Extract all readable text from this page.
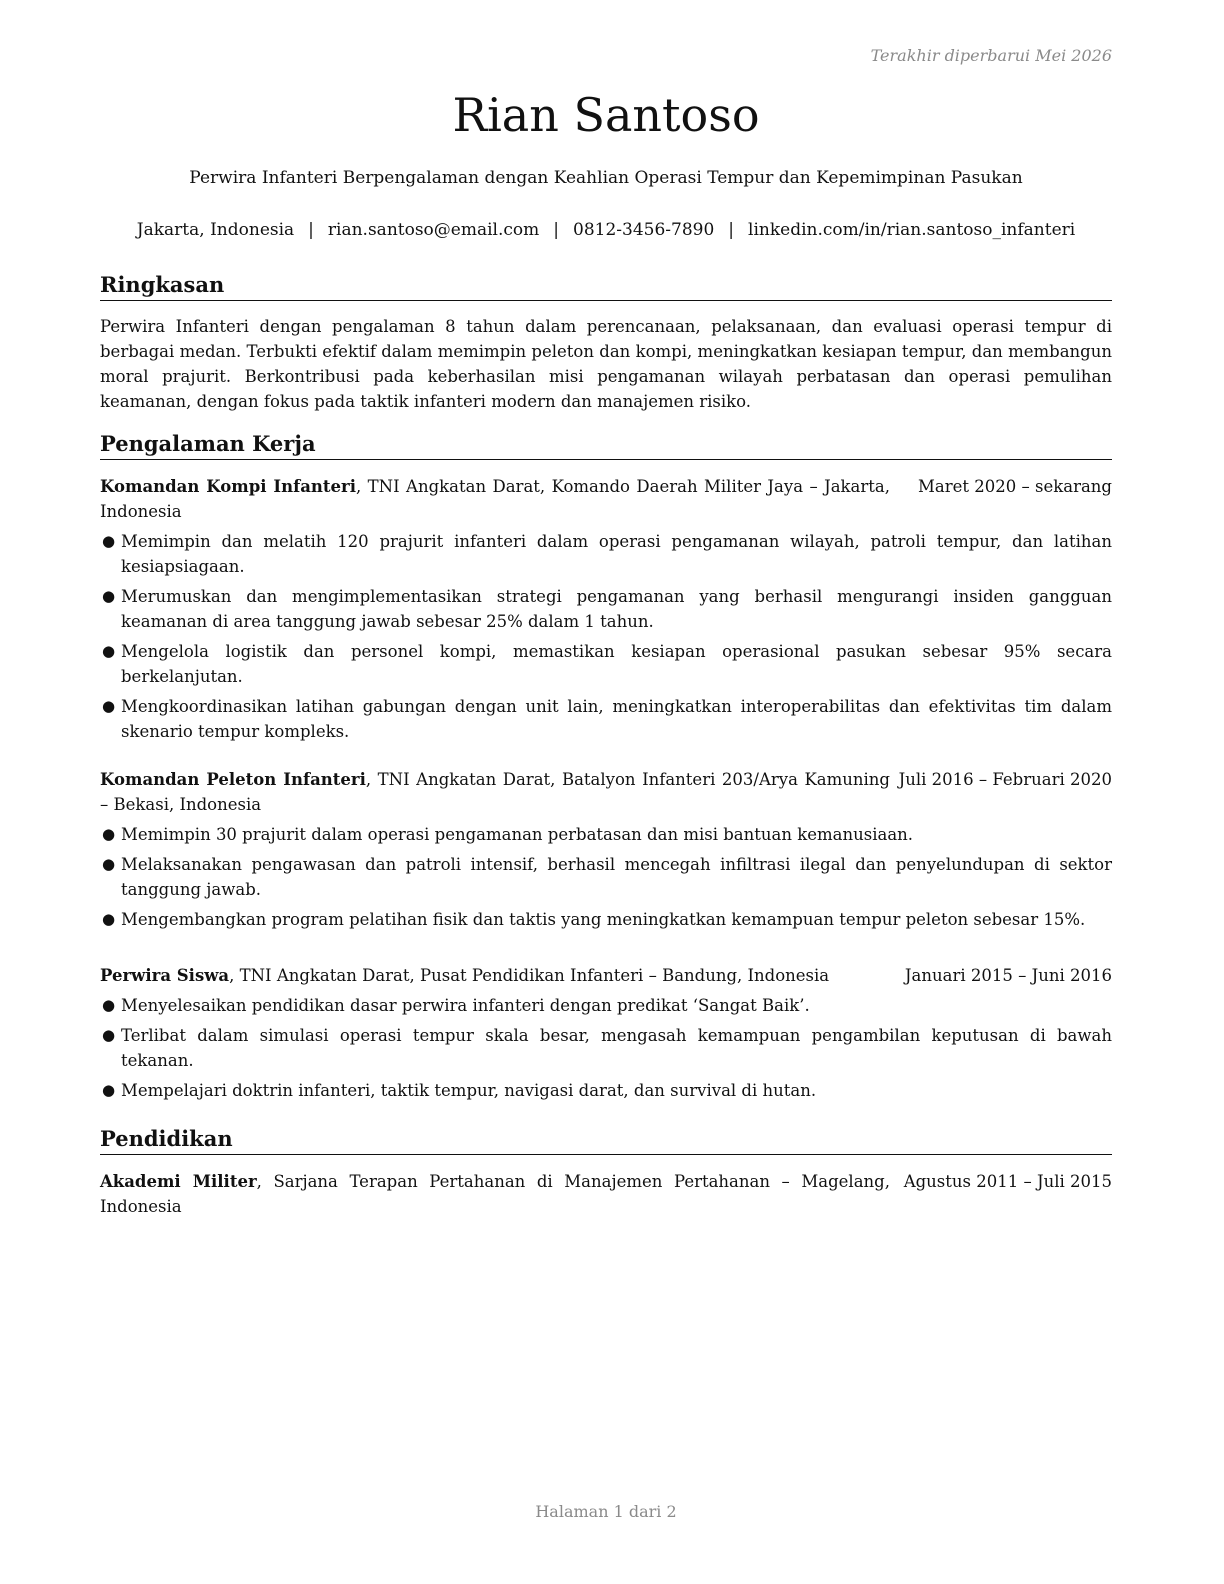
Terakhir diperbarui Mei 2026
Rian Santoso
Perwira Infanteri Berpengalaman dengan Keahlian Operasi Tempur dan Kepemimpinan Pasukan
Jakarta, Indonesia | rian.santoso@email.com | 0812-3456-7890 | linkedin.com/in/rian.santoso_infanteri
Ringkasan
Perwira Infanteri dengan pengalaman 8 tahun dalam perencanaan, pelaksanaan, dan evaluasi operasi tempur di berbagai medan. Terbukti efektif dalam memimpin peleton dan kompi, meningkatkan kesiapan tempur, dan membangun moral prajurit. Berkontribusi pada keberhasilan misi pengamanan wilayah perbatasan dan operasi pemulihan keamanan, dengan fokus pada taktik infanteri modern dan manajemen risiko.
Pengalaman Kerja
Komandan Kompi Infanteri, TNI Angkatan Darat, Komando Daerah Militer Jaya – Jakarta, Indonesia
Maret 2020 – sekarang
● Memimpin dan melatih 120 prajurit infanteri dalam operasi pengamanan wilayah, patroli tempur, dan latihan kesiapsiagaan.
● Merumuskan dan mengimplementasikan strategi pengamanan yang berhasil mengurangi insiden gangguan keamanan di area tanggung jawab sebesar 25% dalam 1 tahun.
● Mengelola logistik dan personel kompi, memastikan kesiapan operasional pasukan sebesar 95% secara berkelanjutan.
● Mengkoordinasikan latihan gabungan dengan unit lain, meningkatkan interoperabilitas dan efektivitas tim dalam skenario tempur kompleks.
Komandan Peleton Infanteri, TNI Angkatan Darat, Batalyon Infanteri 203/Arya Kamuning – Bekasi, Indonesia
Juli 2016 – Februari 2020
● Memimpin 30 prajurit dalam operasi pengamanan perbatasan dan misi bantuan kemanusiaan.
● Melaksanakan pengawasan dan patroli intensif, berhasil mencegah infiltrasi ilegal dan penyelundupan di sektor tanggung jawab.
● Mengembangkan program pelatihan fisik dan taktis yang meningkatkan kemampuan tempur peleton sebesar 15%.
Perwira Siswa, TNI Angkatan Darat, Pusat Pendidikan Infanteri – Bandung, Indonesia	Januari 2015 – Juni 2016
● Menyelesaikan pendidikan dasar perwira infanteri dengan predikat ‘Sangat Baik’.
● Terlibat dalam simulasi operasi tempur skala besar, mengasah kemampuan pengambilan keputusan di bawah tekanan.
● Mempelajari doktrin infanteri, taktik tempur, navigasi darat, dan survival di hutan.
Pendidikan
Akademi Militer, Sarjana Terapan Pertahanan di Manajemen Pertahanan – Magelang, Indonesia
Agustus 2011 – Juli 2015
Halaman 1 dari 2
